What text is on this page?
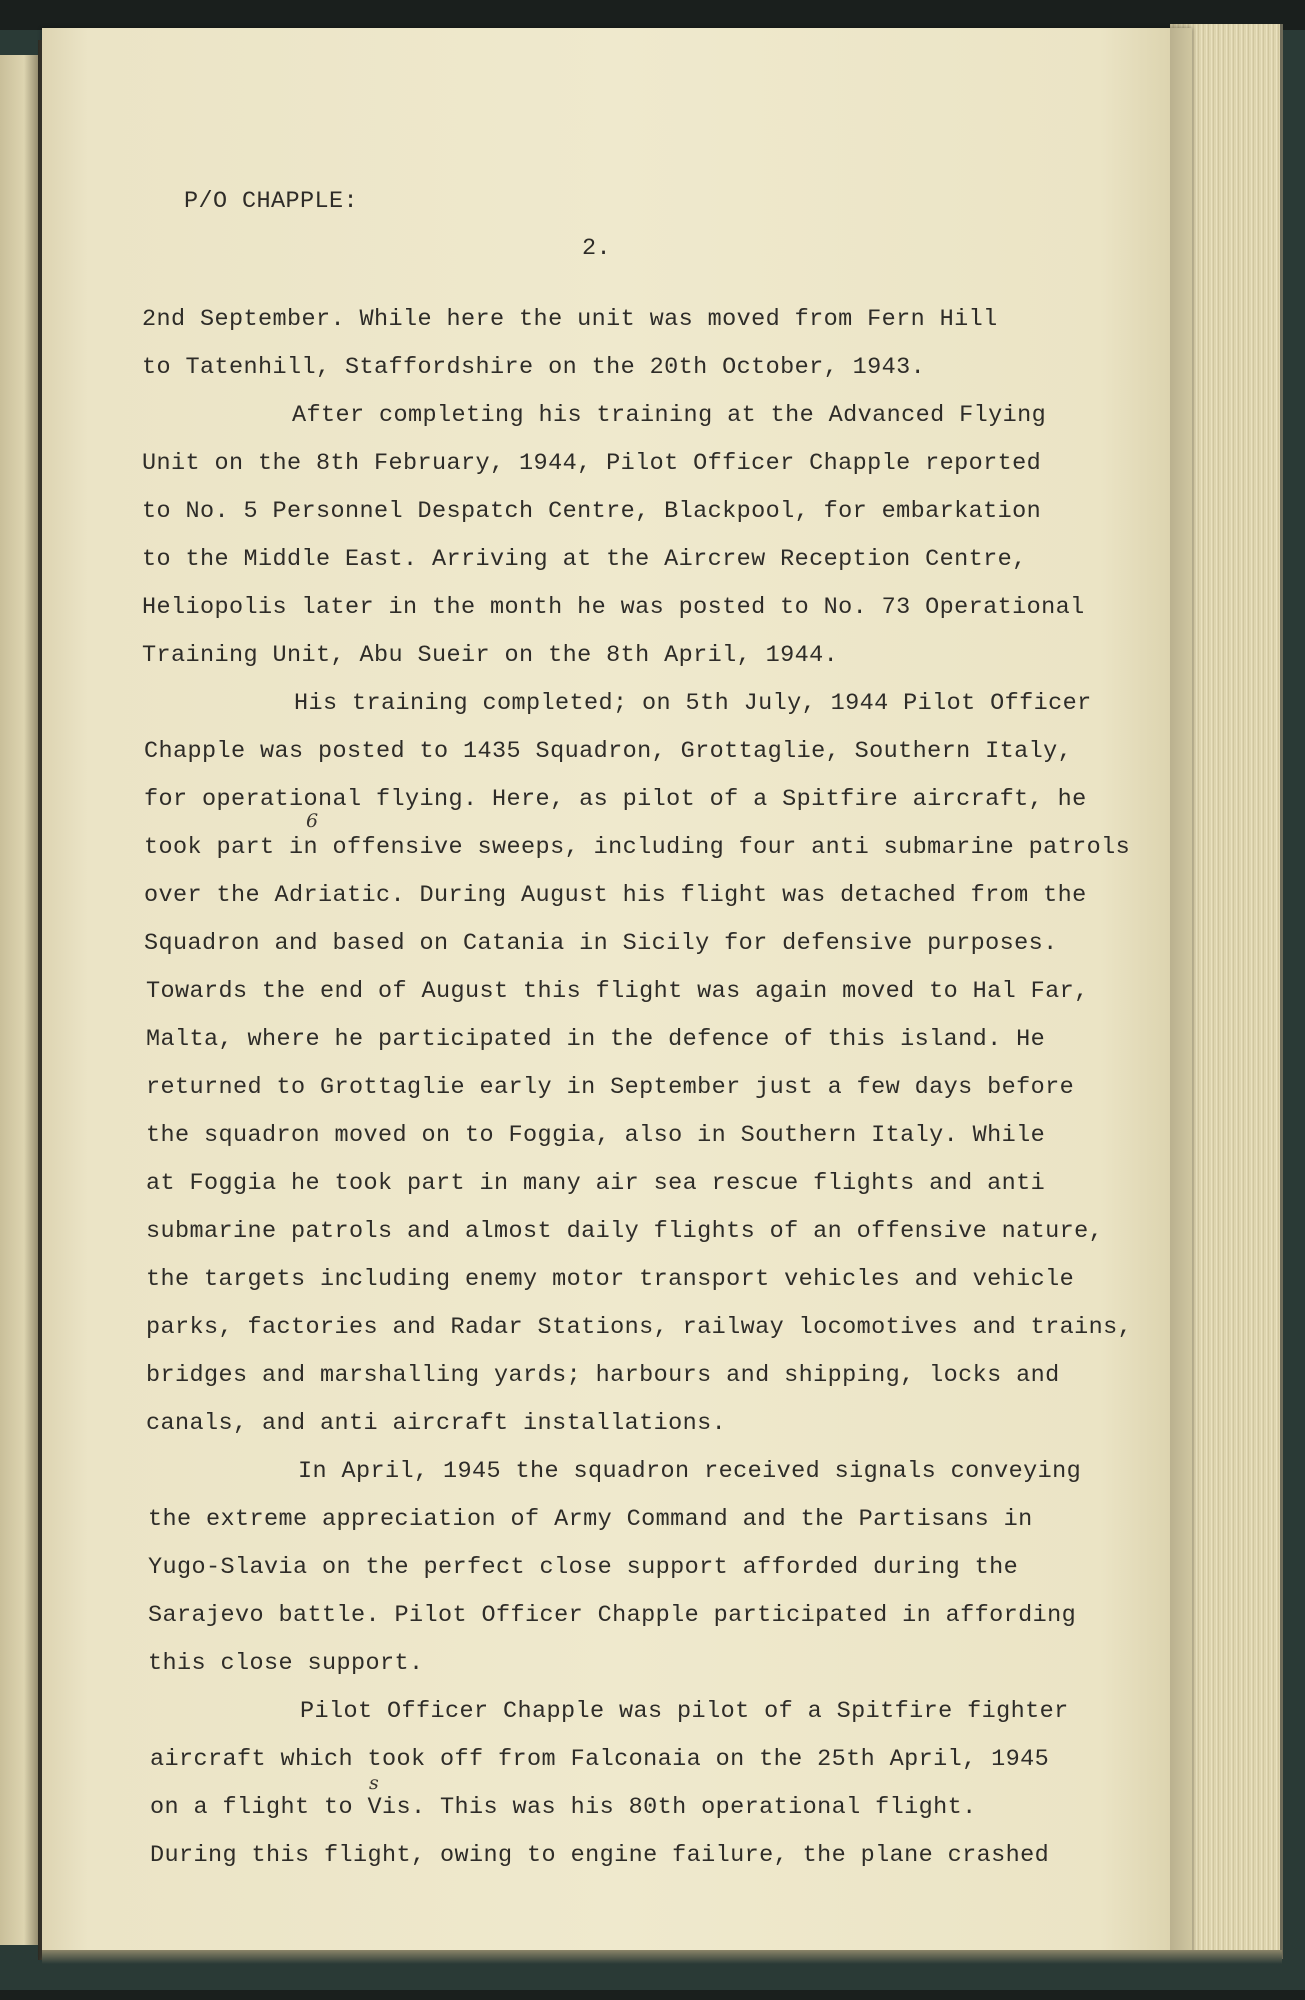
P/O CHAPPLE:
2.
2nd September. While here the unit was moved from Fern Hill
to Tatenhill, Staffordshire on the 20th October, 1943.
After completing his training at the Advanced Flying
Unit on the 8th February, 1944, Pilot Officer Chapple reported
to No. 5 Personnel Despatch Centre, Blackpool, for embarkation
to the Middle East. Arriving at the Aircrew Reception Centre,
Heliopolis later in the month he was posted to No. 73 Operational
Training Unit, Abu Sueir on the 8th April, 1944.
His training completed; on 5th July, 1944 Pilot Officer
Chapple was posted to 1435 Squadron, Grottaglie, Southern Italy,
for operational flying. Here, as pilot of a Spitfire aircraft, he
took part in offensive sweeps, including four anti submarine patrols
over the Adriatic. During August his flight was detached from the
Squadron and based on Catania in Sicily for defensive purposes.
Towards the end of August this flight was again moved to Hal Far,
Malta, where he participated in the defence of this island. He
returned to Grottaglie early in September just a few days before
the squadron moved on to Foggia, also in Southern Italy. While
at Foggia he took part in many air sea rescue flights and anti
submarine patrols and almost daily flights of an offensive nature,
the targets including enemy motor transport vehicles and vehicle
parks, factories and Radar Stations, railway locomotives and trains,
bridges and marshalling yards; harbours and shipping, locks and
canals, and anti aircraft installations.
In April, 1945 the squadron received signals conveying
the extreme appreciation of Army Command and the Partisans in
Yugo-Slavia on the perfect close support afforded during the
Sarajevo battle. Pilot Officer Chapple participated in affording
this close support.
Pilot Officer Chapple was pilot of a Spitfire fighter
aircraft which took off from Falconaia on the 25th April, 1945
on a flight to Vis. This was his 80th operational flight.
During this flight, owing to engine failure, the plane crashed
6
s
